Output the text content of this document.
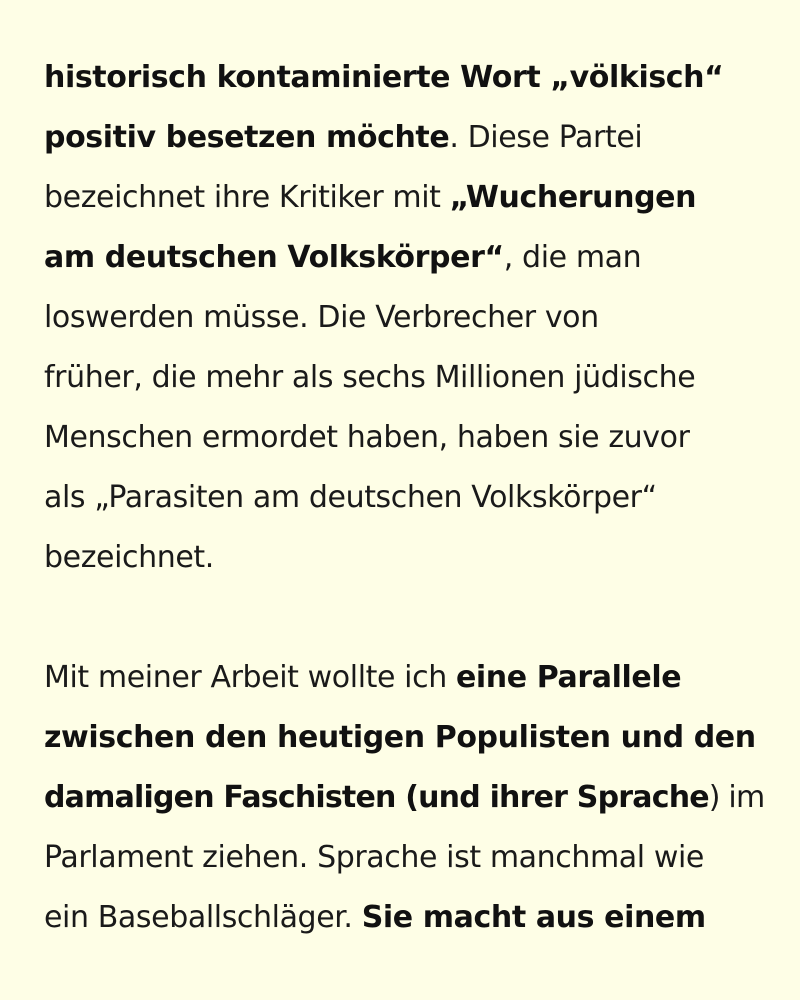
historisch kontaminierte Wort „völkisch“
positiv besetzen möchte. Diese Partei
bezeichnet ihre Kritiker mit „Wucherungen
am deutschen Volkskörper“, die man
loswerden müsse. Die Verbrecher von
früher, die mehr als sechs Millionen jüdische
Menschen ermordet haben, haben sie zuvor
als „Parasiten am deutschen Volkskörper“
bezeichnet.

Mit meiner Arbeit wollte ich eine Parallele
zwischen den heutigen Populisten und den
damaligen Faschisten (und ihrer Sprache) im
Parlament ziehen. Sprache ist manchmal wie
ein Baseballschläger. Sie macht aus einem
